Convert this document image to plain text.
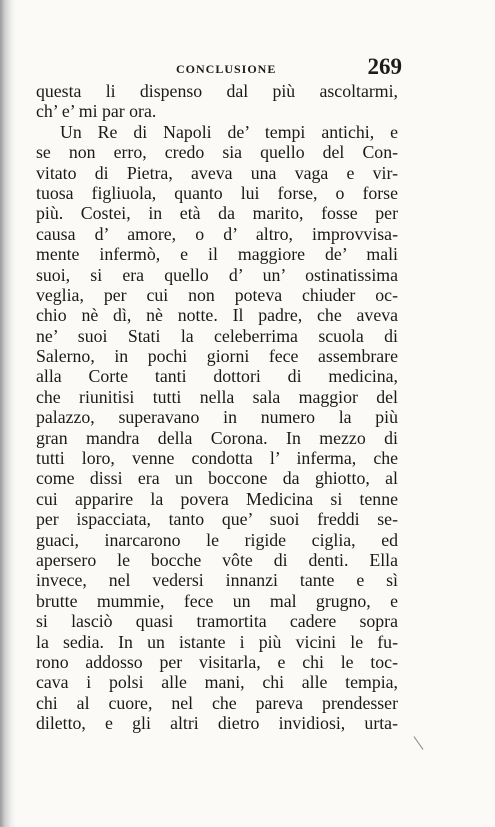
CONCLUSIONE	269
questa li dispenso dal più ascoltarmi,
ch’ e’ mi par ora.
Un Re di Napoli de’ tempi antichi, e
se non erro, credo sia quello del Con-
vitato di Pietra, aveva una vaga e vir-
tuosa figliuola, quanto lui forse, o forse
più. Costei, in età da marito, fosse per
causa d’ amore, o d’ altro, improvvisa-
mente infermò, e il maggiore de’ mali
suoi, si era quello d’ un’ ostinatissima
veglia, per cui non poteva chiuder oc-
chio nè dì, nè notte. Il padre, che aveva
ne’ suoi Stati la celeberrima scuola di
Salerno, in pochi giorni fece assembrare
alla Corte tanti dottori di medicina,
che riunitisi tutti nella sala maggior del
palazzo, superavano in numero la più
gran mandra della Corona. In mezzo di
tutti loro, venne condotta l’ inferma, che
come dissi era un boccone da ghiotto, al
cui apparire la povera Medicina si tenne
per ispacciata, tanto que’ suoi freddi se-
guaci, inarcarono le rigide ciglia, ed
apersero le bocche vôte di denti. Ella
invece, nel vedersi innanzi tante e sì
brutte mummie, fece un mal grugno, e
si lasciò quasi tramortita cadere sopra
la sedia. In un istante i più vicini le fu-
rono addosso per visitarla, e chi le toc-
cava i polsi alle mani, chi alle tempia,
chi al cuore, nel che pareva prendesser
diletto, e gli altri dietro invidiosi, urta-
